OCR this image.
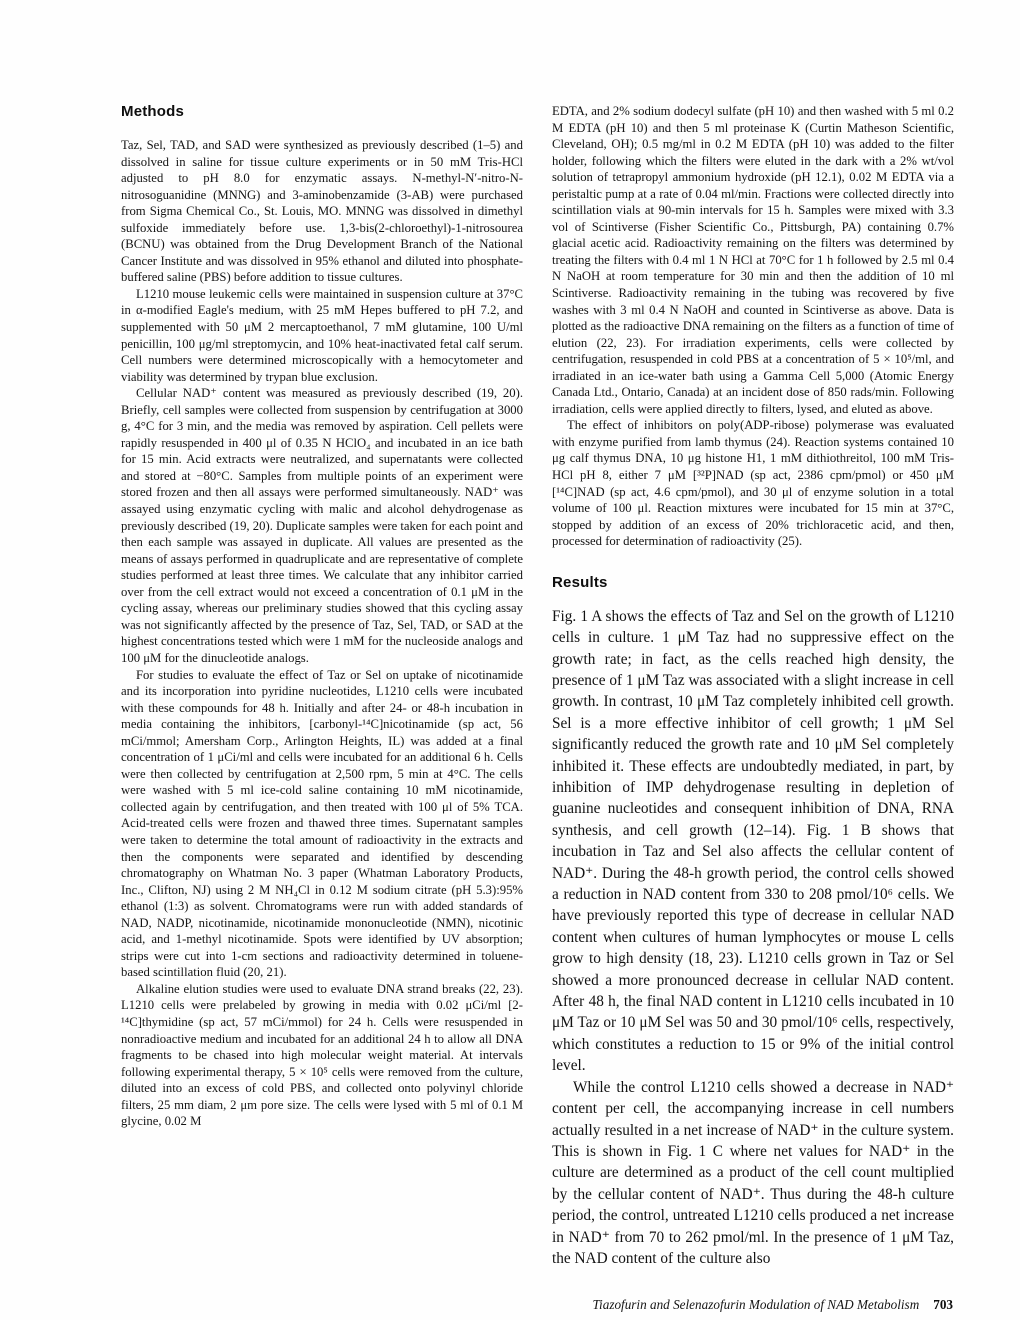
Methods

Taz, Sel, TAD, and SAD were synthesized as previously described (1–5) and dissolved in saline for tissue culture experiments or in 50 mM Tris-HCl adjusted to pH 8.0 for enzymatic assays. N-methyl-N′-nitro-N-nitrosoguanidine (MNNG) and 3-aminobenzamide (3-AB) were purchased from Sigma Chemical Co., St. Louis, MO. MNNG was dissolved in dimethyl sulfoxide immediately before use. 1,3-bis(2-chloroethyl)-1-nitrosourea (BCNU) was obtained from the Drug Development Branch of the National Cancer Institute and was dissolved in 95% ethanol and diluted into phosphate-buffered saline (PBS) before addition to tissue cultures.

L1210 mouse leukemic cells were maintained in suspension culture at 37°C in α-modified Eagle's medium, with 25 mM Hepes buffered to pH 7.2, and supplemented with 50 μM 2 mercaptoethanol, 7 mM glutamine, 100 U/ml penicillin, 100 μg/ml streptomycin, and 10% heat-inactivated fetal calf serum. Cell numbers were determined microscopically with a hemocytometer and viability was determined by trypan blue exclusion.

Cellular NAD⁺ content was measured as previously described (19, 20). Briefly, cell samples were collected from suspension by centrifugation at 3000 g, 4°C for 3 min, and the media was removed by aspiration. Cell pellets were rapidly resuspended in 400 μl of 0.35 N HClO₄ and incubated in an ice bath for 15 min. Acid extracts were neutralized, and supernatants were collected and stored at −80°C. Samples from multiple points of an experiment were stored frozen and then all assays were performed simultaneously. NAD⁺ was assayed using enzymatic cycling with malic and alcohol dehydrogenase as previously described (19, 20). Duplicate samples were taken for each point and then each sample was assayed in duplicate. All values are presented as the means of assays performed in quadruplicate and are representative of complete studies performed at least three times. We calculate that any inhibitor carried over from the cell extract would not exceed a concentration of 0.1 μM in the cycling assay, whereas our preliminary studies showed that this cycling assay was not significantly affected by the presence of Taz, Sel, TAD, or SAD at the highest concentrations tested which were 1 mM for the nucleoside analogs and 100 μM for the dinucleotide analogs.

For studies to evaluate the effect of Taz or Sel on uptake of nicotinamide and its incorporation into pyridine nucleotides, L1210 cells were incubated with these compounds for 48 h. Initially and after 24- or 48-h incubation in media containing the inhibitors, [carbonyl-¹⁴C]nicotinamide (sp act, 56 mCi/mmol; Amersham Corp., Arlington Heights, IL) was added at a final concentration of 1 μCi/ml and cells were incubated for an additional 6 h. Cells were then collected by centrifugation at 2,500 rpm, 5 min at 4°C. The cells were washed with 5 ml ice-cold saline containing 10 mM nicotinamide, collected again by centrifugation, and then treated with 100 μl of 5% TCA. Acid-treated cells were frozen and thawed three times. Supernatant samples were taken to determine the total amount of radioactivity in the extracts and then the components were separated and identified by descending chromatography on Whatman No. 3 paper (Whatman Laboratory Products, Inc., Clifton, NJ) using 2 M NH₄Cl in 0.12 M sodium citrate (pH 5.3):95% ethanol (1:3) as solvent. Chromatograms were run with added standards of NAD, NADP, nicotinamide, nicotinamide mononucleotide (NMN), nicotinic acid, and 1-methyl nicotinamide. Spots were identified by UV absorption; strips were cut into 1-cm sections and radioactivity determined in toluene-based scintillation fluid (20, 21).

Alkaline elution studies were used to evaluate DNA strand breaks (22, 23). L1210 cells were prelabeled by growing in media with 0.02 μCi/ml [2-¹⁴C]thymidine (sp act, 57 mCi/mmol) for 24 h. Cells were resuspended in nonradioactive medium and incubated for an additional 24 h to allow all DNA fragments to be chased into high molecular weight material. At intervals following experimental therapy, 5 × 10⁵ cells were removed from the culture, diluted into an excess of cold PBS, and collected onto polyvinyl chloride filters, 25 mm diam, 2 μm pore size. The cells were lysed with 5 ml of 0.1 M glycine, 0.02 M

EDTA, and 2% sodium dodecyl sulfate (pH 10) and then washed with 5 ml 0.2 M EDTA (pH 10) and then 5 ml proteinase K (Curtin Matheson Scientific, Cleveland, OH); 0.5 mg/ml in 0.2 M EDTA (pH 10) was added to the filter holder, following which the filters were eluted in the dark with a 2% wt/vol solution of tetrapropyl ammonium hydroxide (pH 12.1), 0.02 M EDTA via a peristaltic pump at a rate of 0.04 ml/min. Fractions were collected directly into scintillation vials at 90-min intervals for 15 h. Samples were mixed with 3.3 vol of Scintiverse (Fisher Scientific Co., Pittsburgh, PA) containing 0.7% glacial acetic acid. Radioactivity remaining on the filters was determined by treating the filters with 0.4 ml 1 N HCl at 70°C for 1 h followed by 2.5 ml 0.4 N NaOH at room temperature for 30 min and then the addition of 10 ml Scintiverse. Radioactivity remaining in the tubing was recovered by five washes with 3 ml 0.4 N NaOH and counted in Scintiverse as above. Data is plotted as the radioactive DNA remaining on the filters as a function of time of elution (22, 23). For irradiation experiments, cells were collected by centrifugation, resuspended in cold PBS at a concentration of 5 × 10⁵/ml, and irradiated in an ice-water bath using a Gamma Cell 5,000 (Atomic Energy Canada Ltd., Ontario, Canada) at an incident dose of 850 rads/min. Following irradiation, cells were applied directly to filters, lysed, and eluted as above.

The effect of inhibitors on poly(ADP-ribose) polymerase was evaluated with enzyme purified from lamb thymus (24). Reaction systems contained 10 μg calf thymus DNA, 10 μg histone H1, 1 mM dithiothreitol, 100 mM Tris-HCl pH 8, either 7 μM [³²P]NAD (sp act, 2386 cpm/pmol) or 450 μM [¹⁴C]NAD (sp act, 4.6 cpm/pmol), and 30 μl of enzyme solution in a total volume of 100 μl. Reaction mixtures were incubated for 15 min at 37°C, stopped by addition of an excess of 20% trichloracetic acid, and then, processed for determination of radioactivity (25).

Results

Fig. 1 A shows the effects of Taz and Sel on the growth of L1210 cells in culture. 1 μM Taz had no suppressive effect on the growth rate; in fact, as the cells reached high density, the presence of 1 μM Taz was associated with a slight increase in cell growth. In contrast, 10 μM Taz completely inhibited cell growth. Sel is a more effective inhibitor of cell growth; 1 μM Sel significantly reduced the growth rate and 10 μM Sel completely inhibited it. These effects are undoubtedly mediated, in part, by inhibition of IMP dehydrogenase resulting in depletion of guanine nucleotides and consequent inhibition of DNA, RNA synthesis, and cell growth (12–14). Fig. 1 B shows that incubation in Taz and Sel also affects the cellular content of NAD⁺. During the 48-h growth period, the control cells showed a reduction in NAD content from 330 to 208 pmol/10⁶ cells. We have previously reported this type of decrease in cellular NAD content when cultures of human lymphocytes or mouse L cells grow to high density (18, 23). L1210 cells grown in Taz or Sel showed a more pronounced decrease in cellular NAD content. After 48 h, the final NAD content in L1210 cells incubated in 10 μM Taz or 10 μM Sel was 50 and 30 pmol/10⁶ cells, respectively, which constitutes a reduction to 15 or 9% of the initial control level.

While the control L1210 cells showed a decrease in NAD⁺ content per cell, the accompanying increase in cell numbers actually resulted in a net increase of NAD⁺ in the culture system. This is shown in Fig. 1 C where net values for NAD⁺ in the culture are determined as a product of the cell count multiplied by the cellular content of NAD⁺. Thus during the 48-h culture period, the control, untreated L1210 cells produced a net increase in NAD⁺ from 70 to 262 pmol/ml. In the presence of 1 μM Taz, the NAD content of the culture also

Tiazofurin and Selenazofurin Modulation of NAD Metabolism 703
